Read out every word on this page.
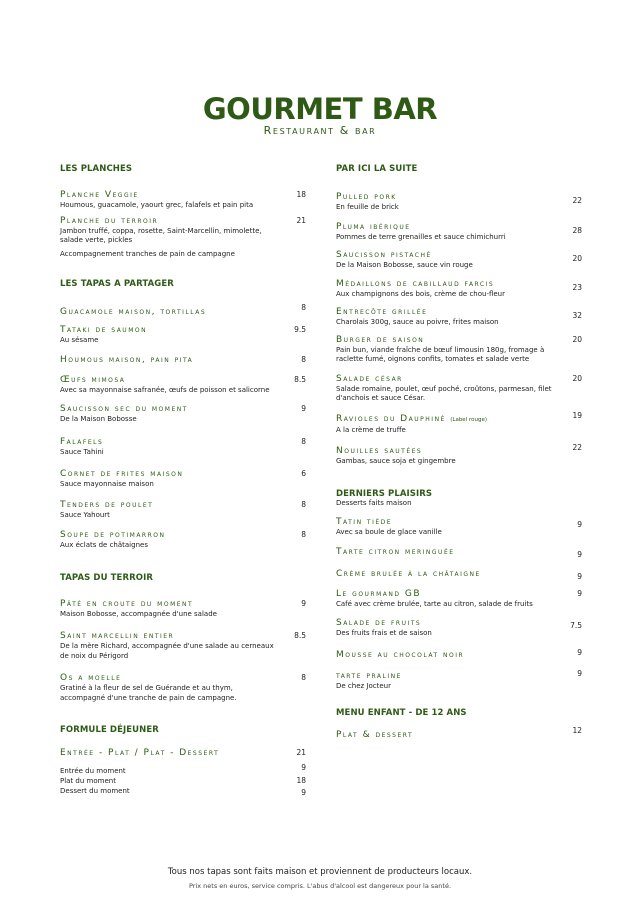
GOURMET BAR
Restaurant & bar
LES PLANCHES
Planche Veggie
Houmous, guacamole, yaourt grec, falafels et pain pita
18
Planche du terroir
Jambon truffé, coppa, rosette, Saint-Marcellin, mimolette, salade verte, pickles
21
Accompagnement tranches de pain de campagne
LES TAPAS A PARTAGER
Guacamole maison, tortillas	8
Tataki de saumon
Au sésame
9.5
Houmous maison, pain pita	8
Œufs mimosa
Avec sa mayonnaise safranée, œufs de poisson et salicorne
8.5
Saucisson sec du moment
De la Maison Bobosse
9
Falafels
Sauce Tahini
8
Cornet de frites maison
Sauce mayonnaise maison
6
Tenders de poulet
Sauce Yahourt
8
Soupe de potimarron
Aux éclats de châtaignes
8
TAPAS DU TERROIR
Pâté en croute du moment
Maison Bobosse, accompagnée d'une salade
9
Saint marcellin entier
De la mère Richard, accompagnée d'une salade au cerneaux de noix du Périgord
8.5
Os a moelle
Gratiné à la fleur de sel de Guérande et au thym, accompagné d'une tranche de pain de campagne.
8
FORMULE DÉJEUNER
Entrée - Plat / Plat - Dessert	21
Entrée du moment	9
Plat du moment	18
Dessert du moment	9
PAR ICI LA SUITE
Pulled pork
En feuille de brick
22
Pluma ibérique
Pommes de terre grenailles et sauce chimichurri
28
Saucisson pistaché
De la Maison Bobosse, sauce vin rouge
20
Médaillons de cabillaud farcis
Aux champignons des bois, crème de chou-fleur
23
Entrecôte grillée
Charolais 300g, sauce au poivre, frites maison
32
Burger de saison
Pain bun, viande fraîche de bœuf limousin 180g, fromage à raclette fumé, oignons confits, tomates et salade verte
20
Salade césar
Salade romaine, poulet, œuf poché, croûtons, parmesan, filet d'anchois et sauce César.
20
Ravioles du Dauphiné (Label rouge)
A la crème de truffe
19
Nouilles sautées
Gambas, sauce soja et gingembre
22
DERNIERS PLAISIRS
Desserts faits maison
Tatin tiède
Avec sa boule de glace vanille
9
Tarte citron meringuée	9
Crème brulée à la châtaigne	9
Le gourmand GB
Café avec crème brulée, tarte au citron, salade de fruits
9
Salade de fruits
Des fruits frais et de saison
7.5
Mousse au chocolat noir	9
tarte praline
De chez Jocteur
9
MENU ENFANT - DE 12 ANS
Plat & dessert	12
Tous nos tapas sont faits maison et proviennent de producteurs locaux.
Prix nets en euros, service compris. L'abus d'alcool est dangereux pour la santé.
